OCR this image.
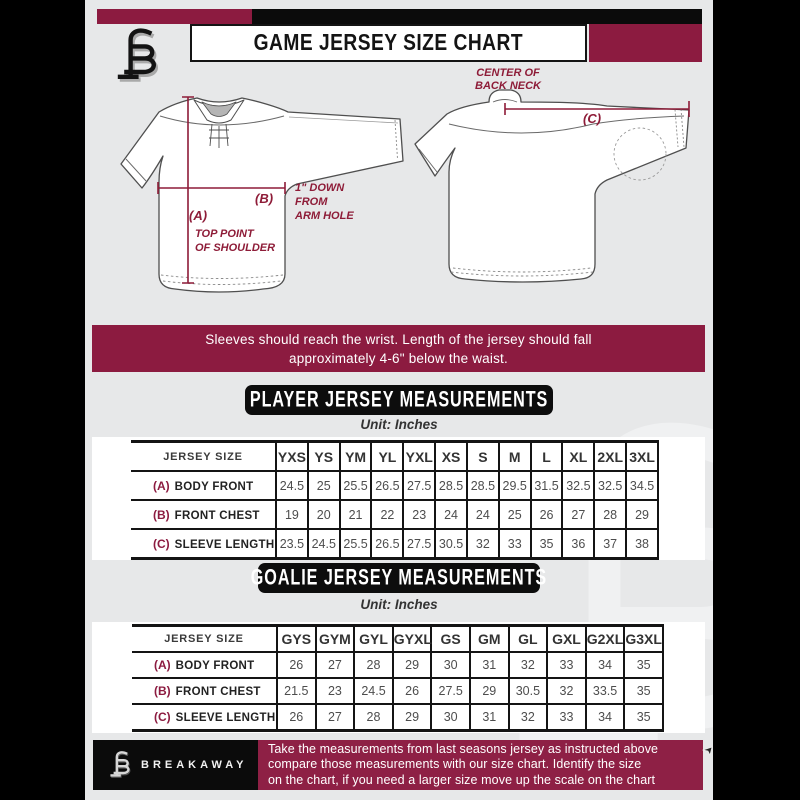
GAME JERSEY SIZE CHART
(B)
1" DOWN
FROM
ARM HOLE
(A)
TOP POINT
OF SHOULDER
(C)
CENTER OF
BACK NECK
Sleeves should reach the wrist. Length of the jersey should fall
approximately 4-6" below the waist.
PLAYER JERSEY MEASUREMENTS
Unit: Inches
JERSEY SIZE	YXS	YS	YM	YL	YXL	XS	S	M	L	XL	2XL	3XL
(A) BODY FRONT	24.5	25	25.5	26.5	27.5	28.5	28.5	29.5	31.5	32.5	32.5	34.5
(B) FRONT CHEST	19	20	21	22	23	24	24	25	26	27	28	29
(C) SLEEVE LENGTH	23.5	24.5	25.5	26.5	27.5	30.5	32	33	35	36	37	38
GOALIE JERSEY MEASUREMENTS
Unit: Inches
JERSEY SIZE	GYS	GYM	GYL	GYXL	GS	GM	GL	GXL	G2XL	G3XL
(A) BODY FRONT	26	27	28	29	30	31	32	33	34	35
(B) FRONT CHEST	21.5	23	24.5	26	27.5	29	30.5	32	33.5	35
(C) SLEEVE LENGTH	26	27	28	29	30	31	32	33	34	35
BREAKAWAY
Take the measurements from last seasons jersey as instructed above
compare those measurements with our size chart. Identify the size
on the chart, if you need a larger size move up the scale on the chart
